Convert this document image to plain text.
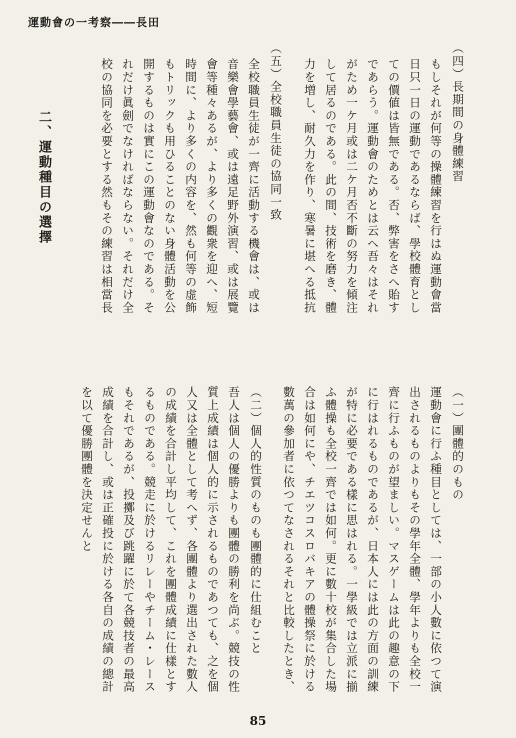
運動會の一考察――長田
（四）長期間の身體練習
もしそれが何等の操體練習を行はぬ運動會當日只一日の運動であるならば、學校體育としての價値は皆無である。否、弊害をさへ貽すであらう。運動會のためとは云へ吾々はそれがため一ケ月或は二ケ月否不斷の努力を傾注して居るのである。此の間、技術を磨き、體力を増し、耐久力を作り、寒暑に堪へる抵抗
（五）全校職員生徒の協同一致
全校職員生徒が一齊に活動する機會は、或は音樂會學藝會、或は遠足野外演習、或は展覽會等種々あるが、より多くの觀衆を迎へ、短時間に、より多くの内容を、然も何等の虚飾もトリックも用ひることのない身體活動を公開するものは實にこの運動會なのである。それだけ眞劍でなければならない。それだけ全校の協同を必要とする然もその練習は相當長
二、運動種目の選擇
（一）團體的のもの
運動會に行ふ種目としては、一部の小人數に依つて演出されるものよりもその學年全體、學年よりも全校一齊に行ふものが望ましい。マスゲームは此の趣意の下に行はれるものであるが、日本人には此の方面の訓練が特に必要である樣に思はれる。一學級では立派に揃ふ體操も全校一齊では如何。更に數十校が集合した場合は如何にや、チエツコスロバキアの體操祭に於ける數萬の參加者に依つてなされるそれと比較したとき、
（二）個人的性質のものも團體的に仕組むこと
吾人は個人の優勝よりも團體の勝利を尚ぶ。競技の性質上成績は個人的に示されるものであつても、之を個人又は全體として考へず、各團體より選出された數人の成績を合計し平均して、これを團體成績に仕樣とするものである。競走に於けるリレーやチーム・レースもそれであるが、投擲及び跳躍に於て各競技者の最高成績を合計し、或は正確投に於ける各自の成績の總計を以て優勝團體を決定せんと
85
